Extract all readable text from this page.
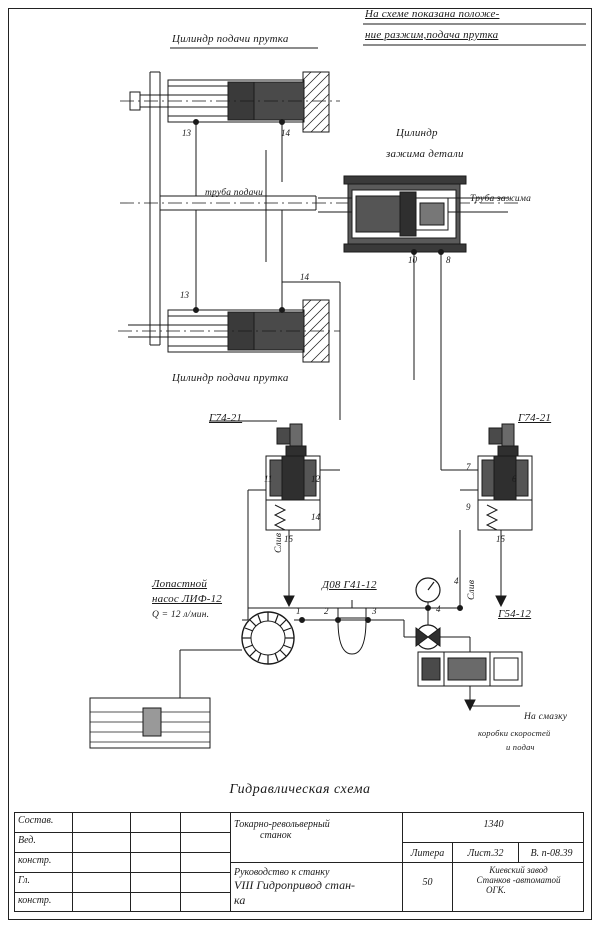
На схеме показана положе-
ние разжим,подача прутка
Цилиндр подачи прутка
Цилиндр подачи прутка
Цилиндр
зажима детали
труба подачи
Труба зажима
Г74-21	Г74-21
Слив
Слив
Лопастной
насос ЛИФ-12
Q = 12 л/мин.
Д08 Г41-12
Г54-12
На смазку
коробки скоростей
и подач
13	14
13
14
10	8
11	12
14
15
7
6
9
15
1	2	3
4
4
Гидравлическая схема
Состав.
Вед.
констр.
Гл.
констр.
Токарно-револьверный
станок
Руководство к станку
VIII Гидропривод стан-
ка
1340
Литера	Лист.32	В. п-08.39
50
Киевский завод
Станков -автоматой
ОГК.
